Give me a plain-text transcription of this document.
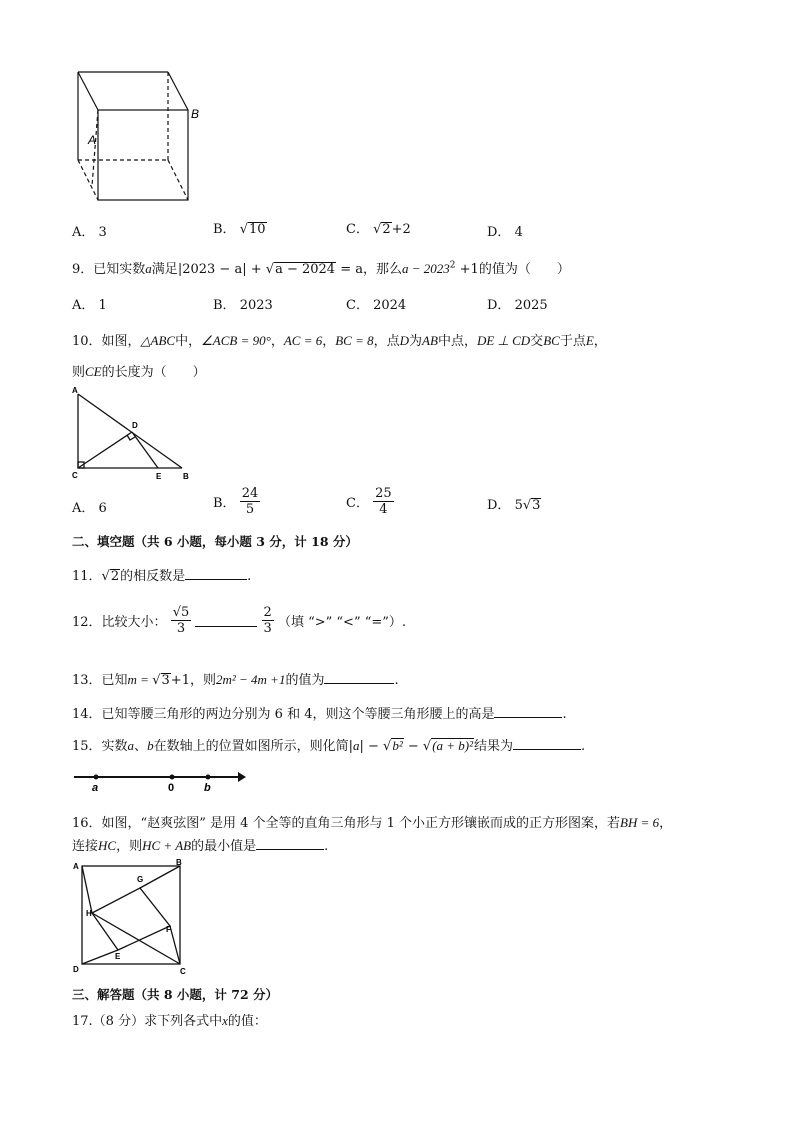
A
B
A． 3	B． √10	C． √2+2	D． 4
9．已知实数a满足|2023 − a| + √a − 2024 = a，那么$a - 2023^2 +1$的值为（　　）
A． 1	B． 2023	C． 2024	D． 2025
10．如图，△ABC中，∠ACB = 90°，AC = 6，BC = 8，点D为AB中点，DE ⊥ CD交BC于点E，
则CE的长度为（　　）
A
C
D
E	B
A． 6	B． $\frac{24}{5}$	C． $\frac{25}{4}$	D． 5√3
二、填空题（共 6 小题，每小题 3 分，计 18 分）
11．√2的相反数是	.
12．比较大小： $\frac{√5}{3}$
	$\frac{2}{3}$ （填 “>” “<” “=”）.
13．已知m = √3+1，则2m² − 4m +1的值为	.
14．已知等腰三角形的两边分别为 6 和 4，则这个等腰三角形腰上的高是	.
15．实数a、b在数轴上的位置如图所示，则化简|a| − √b² − √(a + b)²结果为	.
a	0	b
16．如图，“赵爽弦图” 是用 4 个全等的直角三角形与 1 个小正方形镶嵌而成的正方形图案，若BH = 6，
连接HC，则HC + AB的最小值是	.
A	B
C
D
E
F
G
H
三、解答题（共 8 小题，计 72 分）
17.（8 分）求下列各式中x的值：
